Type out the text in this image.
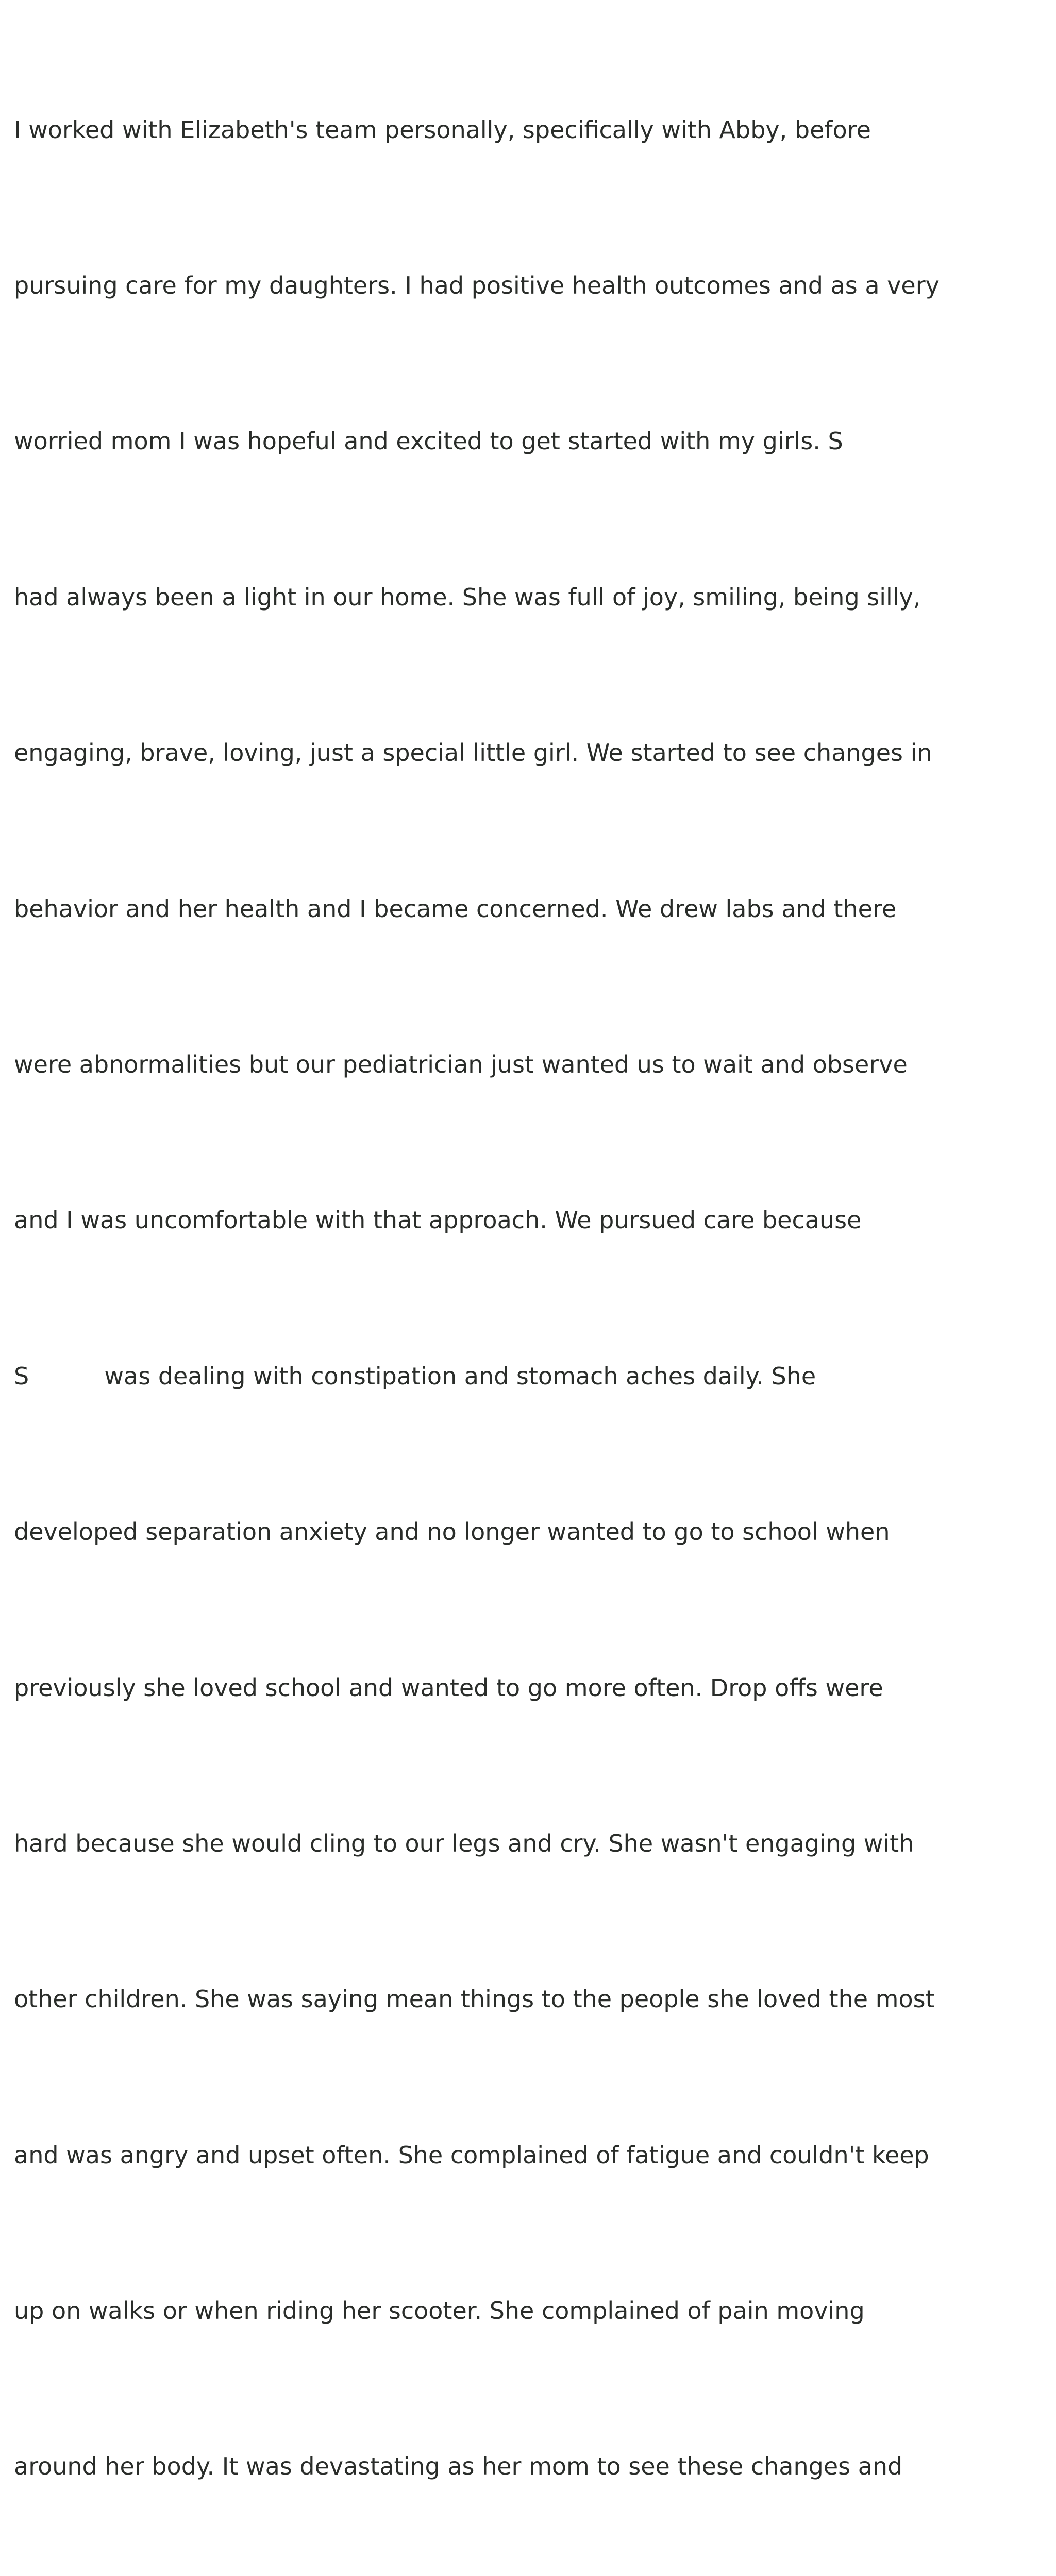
I worked with Elizabeth's team personally, specifically with Abby, before

pursuing care for my daughters. I had positive health outcomes and as a very

worried mom I was hopeful and excited to get started with my girls. S

had always been a light in our home. She was full of joy, smiling, being silly,

engaging, brave, loving, just a special little girl. We started to see changes in

behavior and her health and I became concerned. We drew labs and there

were abnormalities but our pediatrician just wanted us to wait and observe

and I was uncomfortable with that approach. We pursued care because

S          was dealing with constipation and stomach aches daily. She

developed separation anxiety and no longer wanted to go to school when

previously she loved school and wanted to go more often. Drop offs were

hard because she would cling to our legs and cry. She wasn't engaging with

other children. She was saying mean things to the people she loved the most

and was angry and upset often. She complained of fatigue and couldn't keep

up on walks or when riding her scooter. She complained of pain moving

around her body. It was devastating as her mom to see these changes and
